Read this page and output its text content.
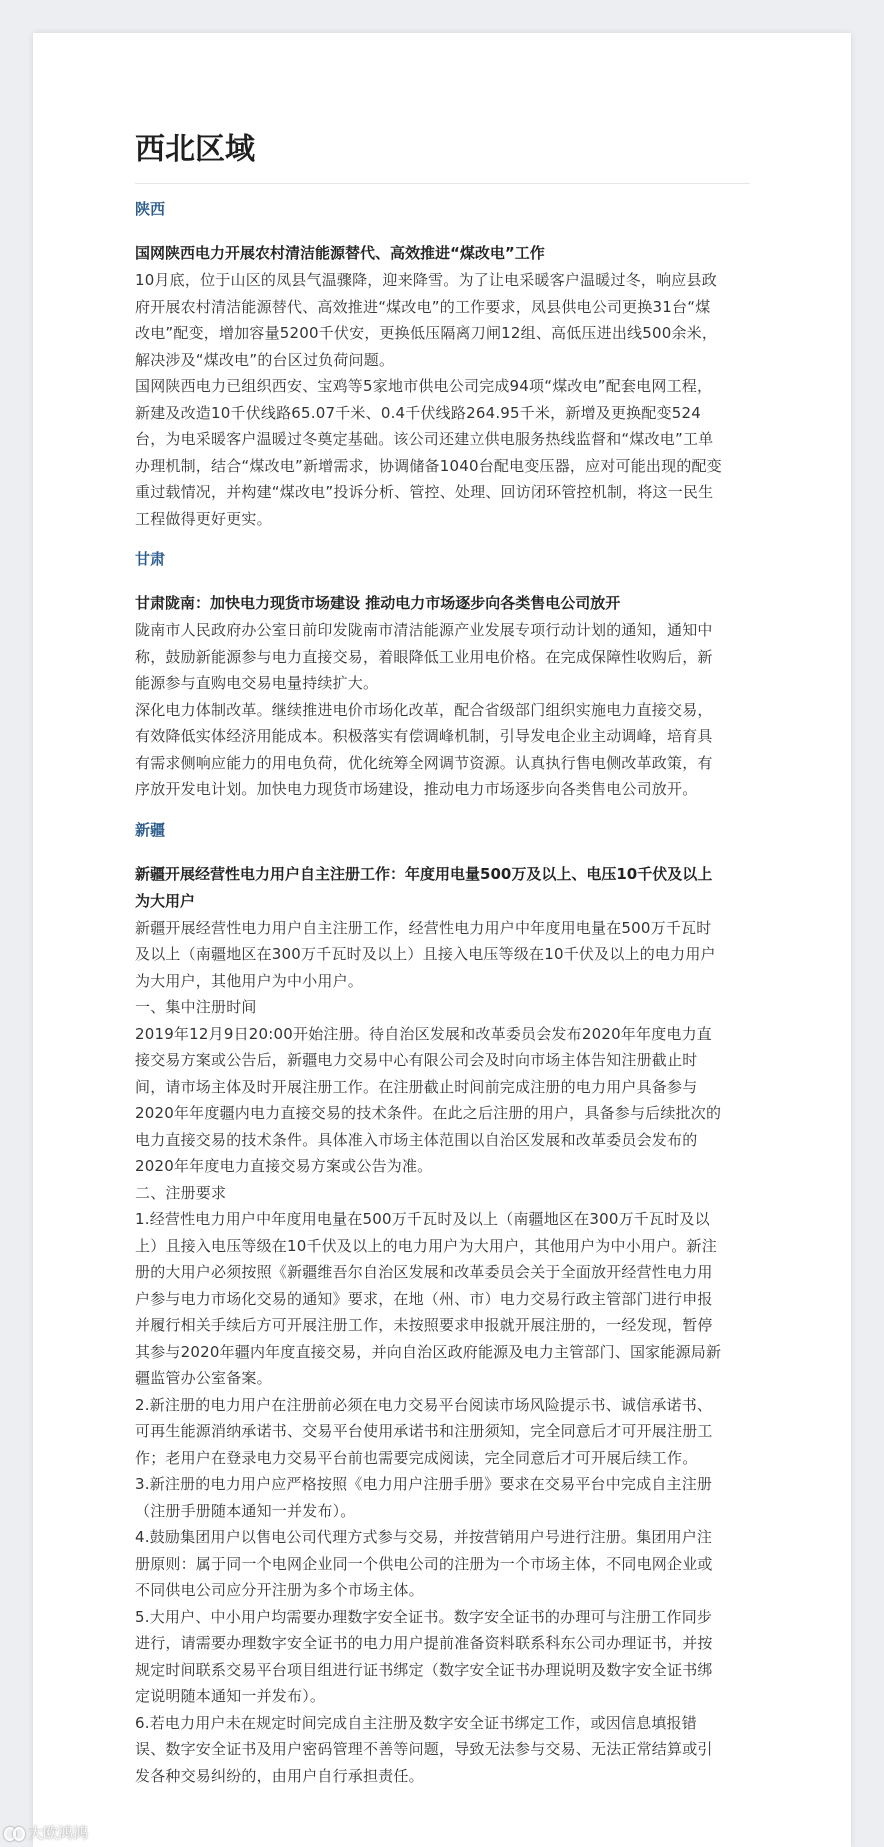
西北区域
陕西
国网陕西电力开展农村清洁能源替代、高效推进“煤改电”工作

10月底，位于山区的凤县气温骤降，迎来降雪。为了让电采暖客户温暖过冬，响应县政

府开展农村清洁能源替代、高效推进“煤改电”的工作要求，凤县供电公司更换31台“煤

改电”配变，增加容量5200千伏安，更换低压隔离刀闸12组、高低压进出线500余米，

解决涉及“煤改电”的台区过负荷问题。

国网陕西电力已组织西安、宝鸡等5家地市供电公司完成94项“煤改电”配套电网工程，

新建及改造10千伏线路65.07千米、0.4千伏线路264.95千米，新增及更换配变524

台，为电采暖客户温暖过冬奠定基础。该公司还建立供电服务热线监督和“煤改电”工单

办理机制，结合“煤改电”新增需求，协调储备1040台配电变压器，应对可能出现的配变

重过载情况，并构建“煤改电”投诉分析、管控、处理、回访闭环管控机制，将这一民生

工程做得更好更实。

甘肃
甘肃陇南：加快电力现货市场建设 推动电力市场逐步向各类售电公司放开

陇南市人民政府办公室日前印发陇南市清洁能源产业发展专项行动计划的通知，通知中

称，鼓励新能源参与电力直接交易，着眼降低工业用电价格。在完成保障性收购后，新

能源参与直购电交易电量持续扩大。

深化电力体制改革。继续推进电价市场化改革，配合省级部门组织实施电力直接交易，

有效降低实体经济用能成本。积极落实有偿调峰机制，引导发电企业主动调峰，培育具

有需求侧响应能力的用电负荷，优化统筹全网调节资源。认真执行售电侧改革政策，有

序放开发电计划。加快电力现货市场建设，推动电力市场逐步向各类售电公司放开。

新疆
新疆开展经营性电力用户自主注册工作：年度用电量500万及以上、电压10千伏及以上
为大用户

新疆开展经营性电力用户自主注册工作，经营性电力用户中年度用电量在500万千瓦时

及以上（南疆地区在300万千瓦时及以上）且接入电压等级在10千伏及以上的电力用户

为大用户，其他用户为中小用户。

一、集中注册时间

2019年12月9日20:00开始注册。待自治区发展和改革委员会发布2020年年度电力直

接交易方案或公告后，新疆电力交易中心有限公司会及时向市场主体告知注册截止时

间，请市场主体及时开展注册工作。在注册截止时间前完成注册的电力用户具备参与

2020年年度疆内电力直接交易的技术条件。在此之后注册的用户，具备参与后续批次的

电力直接交易的技术条件。具体准入市场主体范围以自治区发展和改革委员会发布的

2020年年度电力直接交易方案或公告为准。

二、注册要求

1.经营性电力用户中年度用电量在500万千瓦时及以上（南疆地区在300万千瓦时及以

上）且接入电压等级在10千伏及以上的电力用户为大用户，其他用户为中小用户。新注

册的大用户必须按照《新疆维吾尔自治区发展和改革委员会关于全面放开经营性电力用

户参与电力市场化交易的通知》要求，在地（州、市）电力交易行政主管部门进行申报

并履行相关手续后方可开展注册工作，未按照要求申报就开展注册的，一经发现，暂停

其参与2020年疆内年度直接交易，并向自治区政府能源及电力主管部门、国家能源局新

疆监管办公室备案。

2.新注册的电力用户在注册前必须在电力交易平台阅读市场风险提示书、诚信承诺书、

可再生能源消纳承诺书、交易平台使用承诺书和注册须知，完全同意后才可开展注册工

作；老用户在登录电力交易平台前也需要完成阅读，完全同意后才可开展后续工作。

3.新注册的电力用户应严格按照《电力用户注册手册》要求在交易平台中完成自主注册

（注册手册随本通知一并发布）。

4.鼓励集团用户以售电公司代理方式参与交易，并按营销用户号进行注册。集团用户注

册原则：属于同一个电网企业同一个供电公司的注册为一个市场主体，不同电网企业或

不同供电公司应分开注册为多个市场主体。

5.大用户、中小用户均需要办理数字安全证书。数字安全证书的办理可与注册工作同步

进行，请需要办理数字安全证书的电力用户提前准备资料联系科东公司办理证书，并按

规定时间联系交易平台项目组进行证书绑定（数字安全证书办理说明及数字安全证书绑

定说明随本通知一并发布）。

6.若电力用户未在规定时间完成自主注册及数字安全证书绑定工作，或因信息填报错

误、数字安全证书及用户密码管理不善等问题，导致无法参与交易、无法正常结算或引

发各种交易纠纷的，由用户自行承担责任。

大欧鸿鸿
